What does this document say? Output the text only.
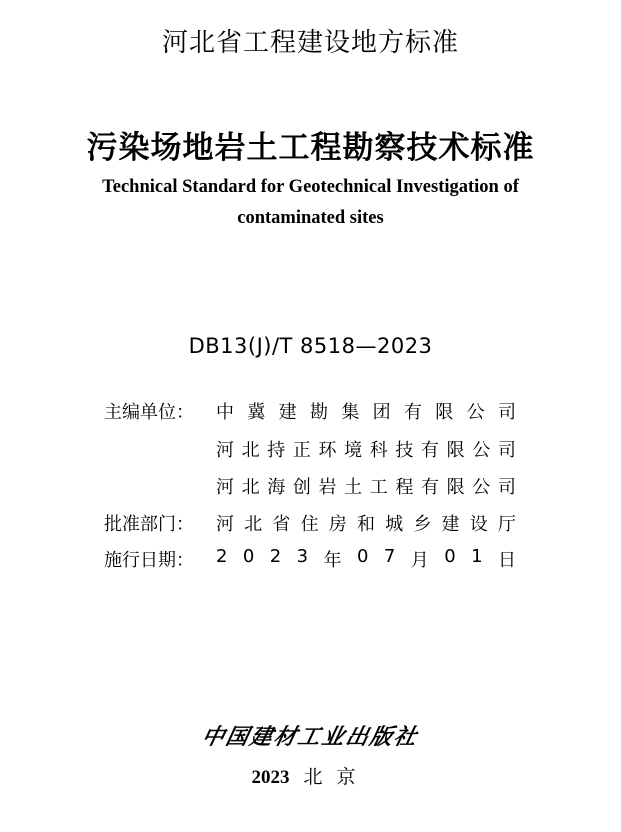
河北省工程建设地方标准
污染场地岩土工程勘察技术标准
Technical Standard for Geotechnical Investigation of
contaminated sites
DB13(J)/T 8518—2023
主编单位：	中 冀 建 勘 集 团 有 限 公 司
河 北 持 正 环 境 科 技 有 限 公 司
河 北 海 创 岩 土 工 程 有 限 公 司
批准部门：	河 北 省 住 房 和 城 乡 建 设 厅
施行日期：	2 0 2 3 年 0 7 月 0 1 日
中国建材工业出版社
2023 北京
